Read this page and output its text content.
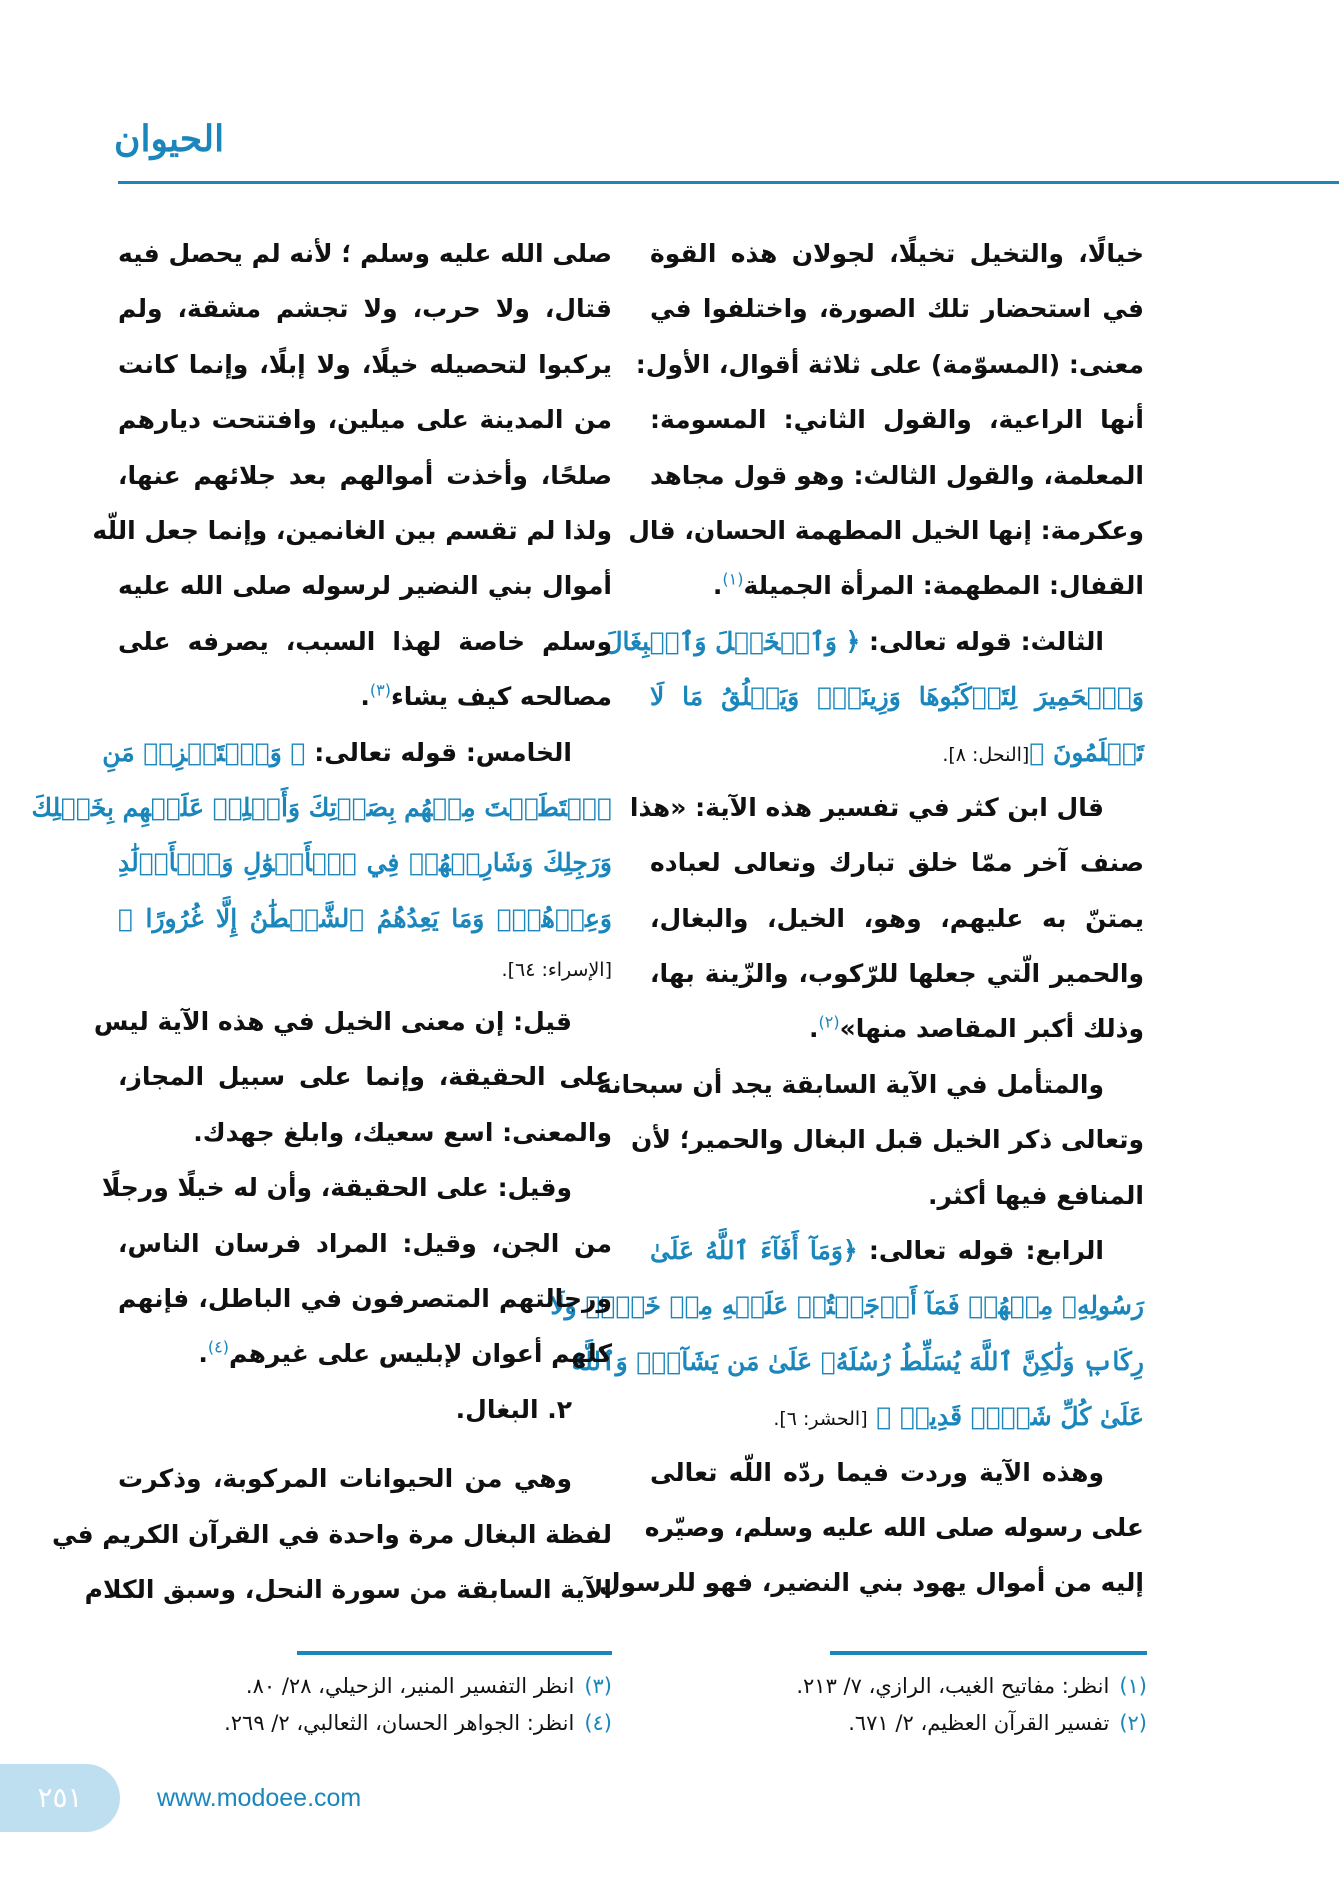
الحيوان
خيالًا، والتخيل تخيلًا، لجولان هذه القوة
في استحضار تلك الصورة، واختلفوا في
معنى: (المسوّمة) على ثلاثة أقوال، الأول:
أنها الراعية، والقول الثاني: المسومة:
المعلمة، والقول الثالث: وهو قول مجاهد
وعكرمة: إنها الخيل المطهمة الحسان، قال
القفال: المطهمة: المرأة الجميلة$^{(١)}$.
الثالث: قوله تعالى: ﴿ وَٱلۡخَيۡلَ وَٱلۡبِغَالَ
وَٱلۡحَمِيرَ لِتَرۡكَبُوهَا وَزِينَةٗۚ وَيَخۡلُقُ مَا لَا
تَعۡلَمُونَ ﴾[النحل: ٨].
قال ابن كثر في تفسير هذه الآية: «هذا
صنف آخر ممّا خلق تبارك وتعالى لعباده
يمتنّ به عليهم، وهو، الخيل، والبغال،
والحمير الّتي جعلها للرّكوب، والزّينة بها،
وذلك أكبر المقاصد منها»$^{(٢)}$.
والمتأمل في الآية السابقة يجد أن سبحانه
وتعالى ذكر الخيل قبل البغال والحمير؛ لأن
المنافع فيها أكثر.
الرابع: قوله تعالى: ﴿وَمَآ أَفَآءَ ٱللَّهُ عَلَىٰ
رَسُولِهِۦ مِنۡهُمۡ فَمَآ أَوۡجَفۡتُمۡ عَلَيۡهِ مِنۡ خَيۡلٖ وَلَا
رِكَابٖ وَلَٰكِنَّ ٱللَّهَ يُسَلِّطُ رُسُلَهُۥ عَلَىٰ مَن يَشَآءُۚ وَٱللَّهُ
عَلَىٰ كُلِّ شَيۡءٖ قَدِيرٞ ﴾ [الحشر: ٦].
وهذه الآية وردت فيما ردّه اللّه تعالى
على رسوله صلى الله عليه وسلم، وصيّره
إليه من أموال يهود بني النضير، فهو للرسول
صلى الله عليه وسلم ؛ لأنه لم يحصل فيه
قتال، ولا حرب، ولا تجشم مشقة، ولم
يركبوا لتحصيله خيلًا، ولا إبلًا، وإنما كانت
من المدينة على ميلين، وافتتحت ديارهم
صلحًا، وأخذت أموالهم بعد جلائهم عنها،
ولذا لم تقسم بين الغانمين، وإنما جعل اللّه
أموال بني النضير لرسوله صلى الله عليه
وسلم خاصة لهذا السبب، يصرفه على
مصالحه كيف يشاء$^{(٣)}$.
الخامس: قوله تعالى: ﴿ وَٱسۡتَفۡزِزۡ مَنِ
ٱسۡتَطَعۡتَ مِنۡهُم بِصَوۡتِكَ وَأَجۡلِبۡ عَلَيۡهِم بِخَيۡلِكَ
وَرَجِلِكَ وَشَارِكۡهُمۡ فِي ٱلۡأَمۡوَٰلِ وَٱلۡأَوۡلَٰدِ
وَعِدۡهُمۡۚ وَمَا يَعِدُهُمُ ٱلشَّيۡطَٰنُ إِلَّا غُرُورًا ﴾
[الإسراء: ٦٤].
قيل: إن معنى الخيل في هذه الآية ليس
على الحقيقة، وإنما على سبيل المجاز،
والمعنى: اسع سعيك، وابلغ جهدك.
وقيل: على الحقيقة، وأن له خيلًا ورجلًا
من الجن، وقيل: المراد فرسان الناس،
ورجالتهم المتصرفون في الباطل، فإنهم
كلهم أعوان لإبليس على غيرهم$^{(٤)}$.
٢. البغال.
وهي من الحيوانات المركوبة، وذكرت
لفظة البغال مرة واحدة في القرآن الكريم في
الآية السابقة من سورة النحل، وسبق الكلام
(١)انظر: مفاتيح الغيب، الرازي، ٧/ ٢١٣.
(٢)تفسير القرآن العظيم، ٢/ ٦٧١.
(٣)انظر التفسير المنير، الزحيلي، ٢٨/ ٨٠.
(٤)انظر: الجواهر الحسان، الثعالبي، ٢/ ٢٦٩.
٢٥١	www.modoee.com
